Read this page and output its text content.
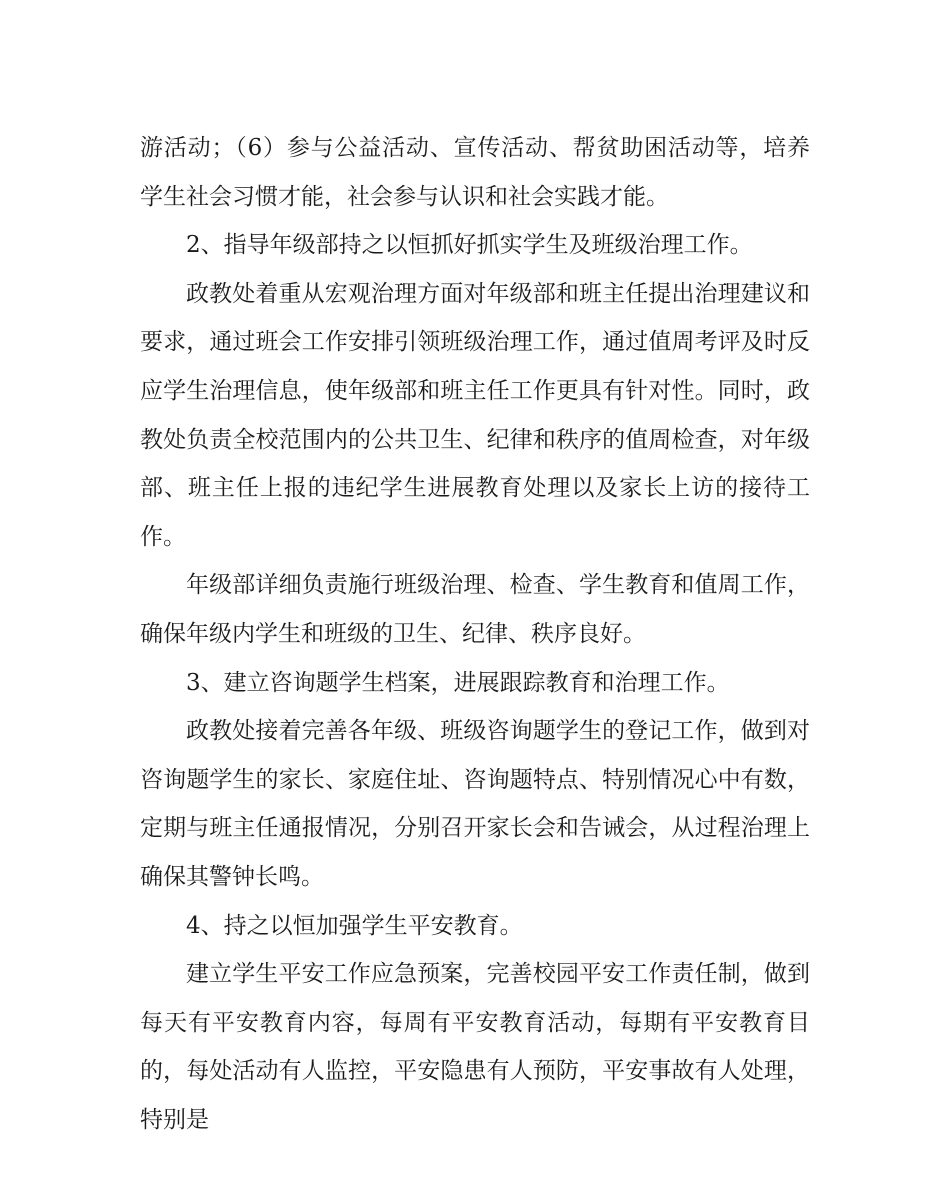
游活动；（6）参与公益活动、宣传活动、帮贫助困活动等，培养学生社会习惯才能，社会参与认识和社会实践才能。

2、指导年级部持之以恒抓好抓实学生及班级治理工作。

政教处着重从宏观治理方面对年级部和班主任提出治理建议和要求，通过班会工作安排引领班级治理工作，通过值周考评及时反应学生治理信息，使年级部和班主任工作更具有针对性。同时，政教处负责全校范围内的公共卫生、纪律和秩序的值周检查，对年级部、班主任上报的违纪学生进展教育处理以及家长上访的接待工作。

年级部详细负责施行班级治理、检查、学生教育和值周工作，确保年级内学生和班级的卫生、纪律、秩序良好。

3、建立咨询题学生档案，进展跟踪教育和治理工作。

政教处接着完善各年级、班级咨询题学生的登记工作，做到对咨询题学生的家长、家庭住址、咨询题特点、特别情况心中有数，定期与班主任通报情况，分别召开家长会和告诫会，从过程治理上确保其警钟长鸣。

4、持之以恒加强学生平安教育。

建立学生平安工作应急预案，完善校园平安工作责任制，做到每天有平安教育内容，每周有平安教育活动，每期有平安教育目的，每处活动有人监控，平安隐患有人预防，平安事故有人处理，特别是
